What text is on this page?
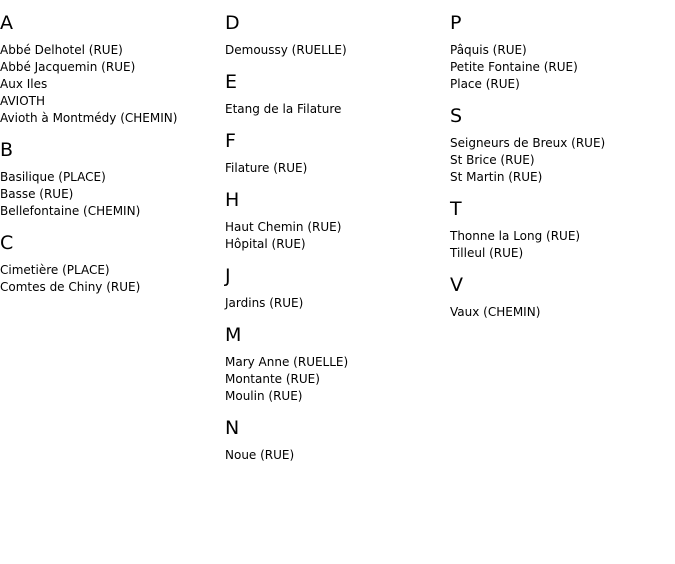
A
Abbé Delhotel (RUE)
Abbé Jacquemin (RUE)
Aux Iles
AVIOTH
Avioth à Montmédy (CHEMIN)
B
Basilique (PLACE)
Basse (RUE)
Bellefontaine (CHEMIN)
C
Cimetière (PLACE)
Comtes de Chiny (RUE)
D
Demoussy (RUELLE)
E
Etang de la Filature
F
Filature (RUE)
H
Haut Chemin (RUE)
Hôpital (RUE)
J
Jardins (RUE)
M
Mary Anne (RUELLE)
Montante (RUE)
Moulin (RUE)
N
Noue (RUE)
P
Pâquis (RUE)
Petite Fontaine (RUE)
Place (RUE)
S
Seigneurs de Breux (RUE)
St Brice (RUE)
St Martin (RUE)
T
Thonne la Long (RUE)
Tilleul (RUE)
V
Vaux (CHEMIN)
